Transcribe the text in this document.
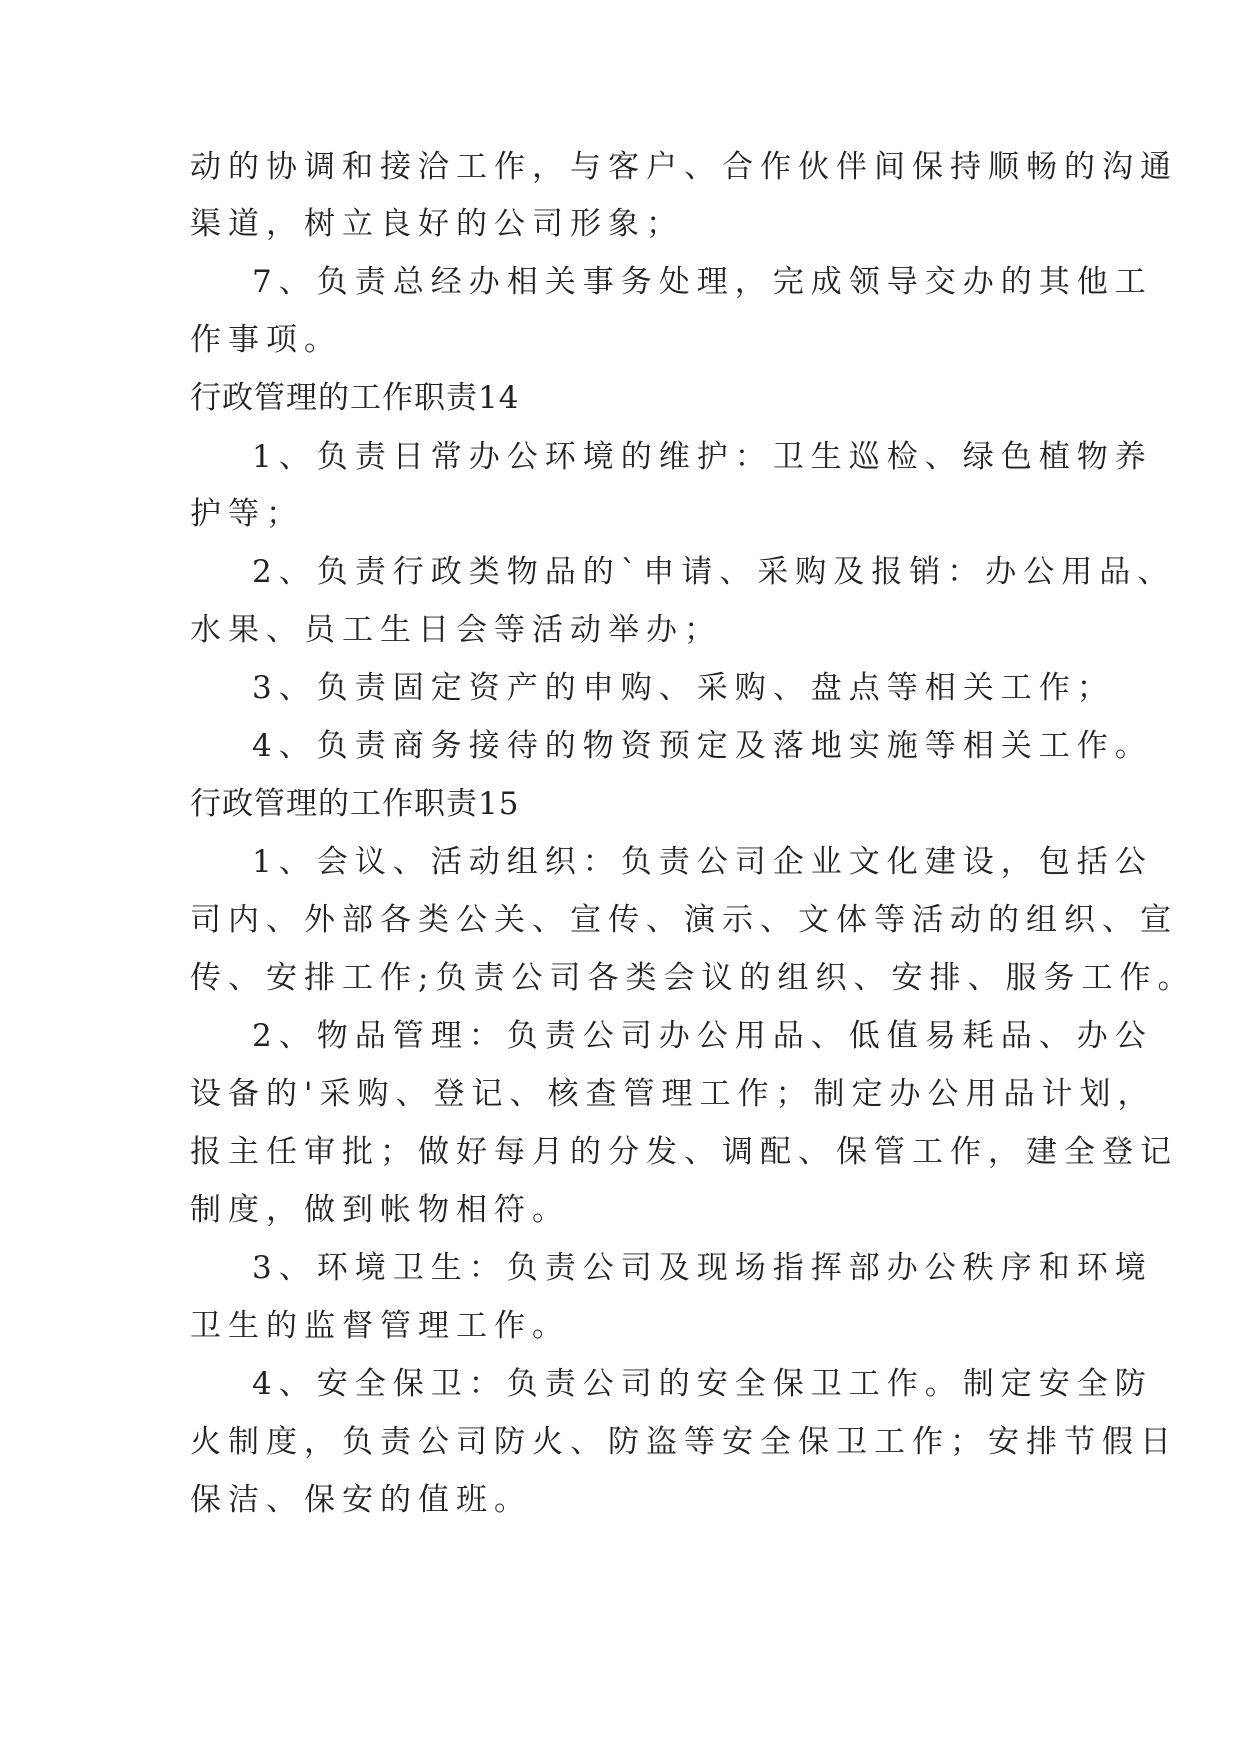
动的协调和接洽工作，与客户、合作伙伴间保持顺畅的沟通
渠道，树立良好的公司形象；
7、负责总经办相关事务处理，完成领导交办的其他工
作事项。
行政管理的工作职责14
1、负责日常办公环境的维护：卫生巡检、绿色植物养
护等；
2、负责行政类物品的`申请、采购及报销：办公用品、
水果、员工生日会等活动举办；
3、负责固定资产的申购、采购、盘点等相关工作；
4、负责商务接待的物资预定及落地实施等相关工作。
行政管理的工作职责15
1、会议、活动组织：负责公司企业文化建设，包括公
司内、外部各类公关、宣传、演示、文体等活动的组织、宣
传、安排工作;负责公司各类会议的组织、安排、服务工作。
2、物品管理：负责公司办公用品、低值易耗品、办公
设备的'采购、登记、核查管理工作；制定办公用品计划，
报主任审批；做好每月的分发、调配、保管工作，建全登记
制度，做到帐物相符。
3、环境卫生：负责公司及现场指挥部办公秩序和环境
卫生的监督管理工作。
4、安全保卫：负责公司的安全保卫工作。制定安全防
火制度，负责公司防火、防盗等安全保卫工作；安排节假日
保洁、保安的值班。
